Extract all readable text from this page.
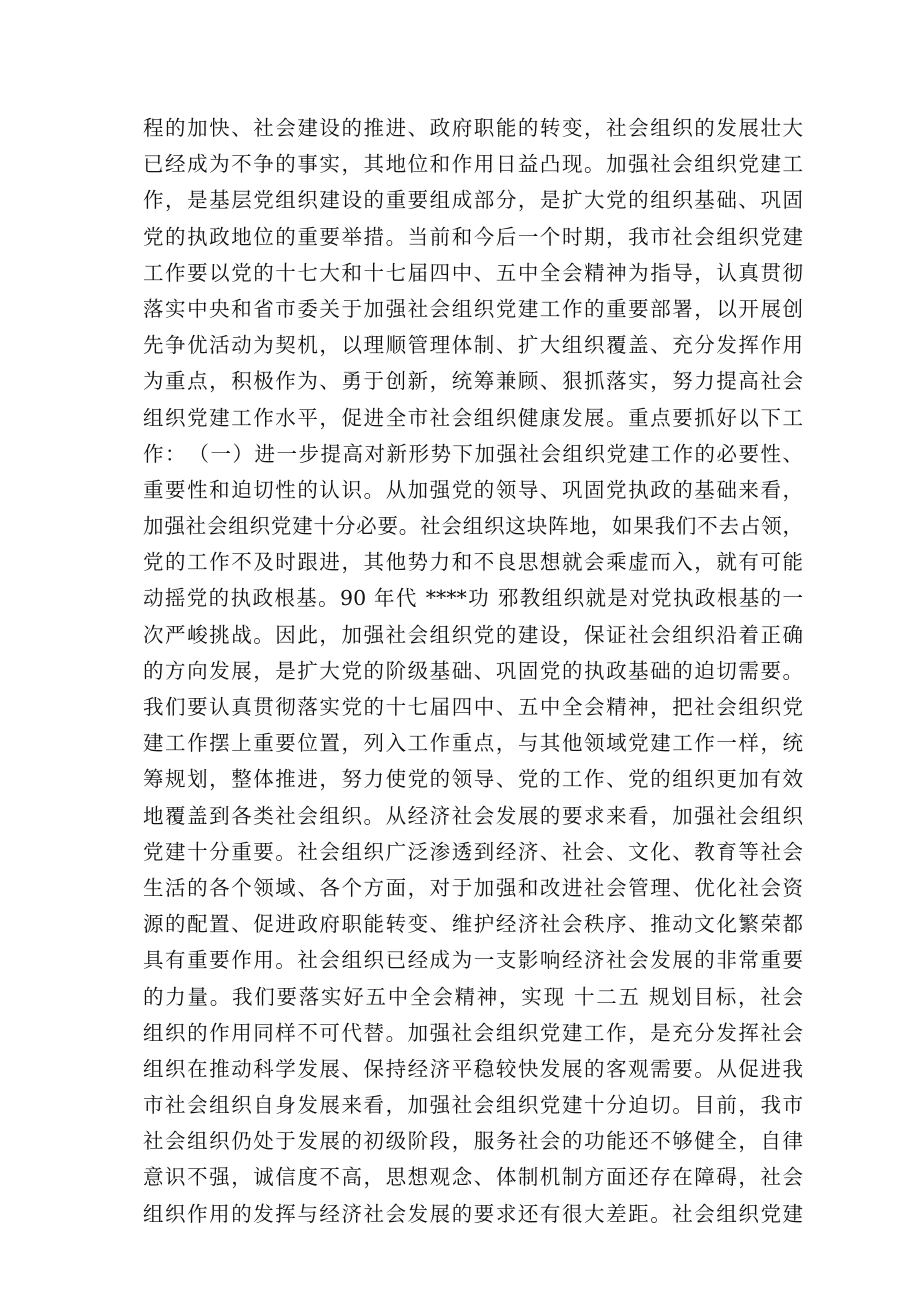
程的加快、社会建设的推进、政府职能的转变，社会组织的发展壮大
已经成为不争的事实，其地位和作用日益凸现。加强社会组织党建工
作，是基层党组织建设的重要组成部分，是扩大党的组织基础、巩固
党的执政地位的重要举措。当前和今后一个时期，我市社会组织党建
工作要以党的十七大和十七届四中、五中全会精神为指导，认真贯彻
落实中央和省市委关于加强社会组织党建工作的重要部署，以开展创
先争优活动为契机，以理顺管理体制、扩大组织覆盖、充分发挥作用
为重点，积极作为、勇于创新，统筹兼顾、狠抓落实，努力提高社会
组织党建工作水平，促进全市社会组织健康发展。重点要抓好以下工
作：　（一）进一步提高对新形势下加强社会组织党建工作的必要性、
重要性和迫切性的认识。从加强党的领导、巩固党执政的基础来看，
加强社会组织党建十分必要。社会组织这块阵地，如果我们不去占领，
党的工作不及时跟进，其他势力和不良思想就会乘虚而入，就有可能
动摇党的执政根基。90 年代 ****功 邪教组织就是对党执政根基的一
次严峻挑战。因此，加强社会组织党的建设，保证社会组织沿着正确
的方向发展，是扩大党的阶级基础、巩固党的执政基础的迫切需要。
我们要认真贯彻落实党的十七届四中、五中全会精神，把社会组织党
建工作摆上重要位置，列入工作重点，与其他领域党建工作一样，统
筹规划，整体推进，努力使党的领导、党的工作、党的组织更加有效
地覆盖到各类社会组织。从经济社会发展的要求来看，加强社会组织
党建十分重要。社会组织广泛渗透到经济、社会、文化、教育等社会
生活的各个领域、各个方面，对于加强和改进社会管理、优化社会资
源的配置、促进政府职能转变、维护经济社会秩序、推动文化繁荣都
具有重要作用。社会组织已经成为一支影响经济社会发展的非常重要
的力量。我们要落实好五中全会精神，实现 十二五 规划目标，社会
组织的作用同样不可代替。加强社会组织党建工作，是充分发挥社会
组织在推动科学发展、保持经济平稳较快发展的客观需要。从促进我
市社会组织自身发展来看，加强社会组织党建十分迫切。目前，我市
社会组织仍处于发展的初级阶段，服务社会的功能还不够健全，自律
意识不强，诚信度不高，思想观念、体制机制方面还存在障碍，社会
组织作用的发挥与经济社会发展的要求还有很大差距。社会组织党建
